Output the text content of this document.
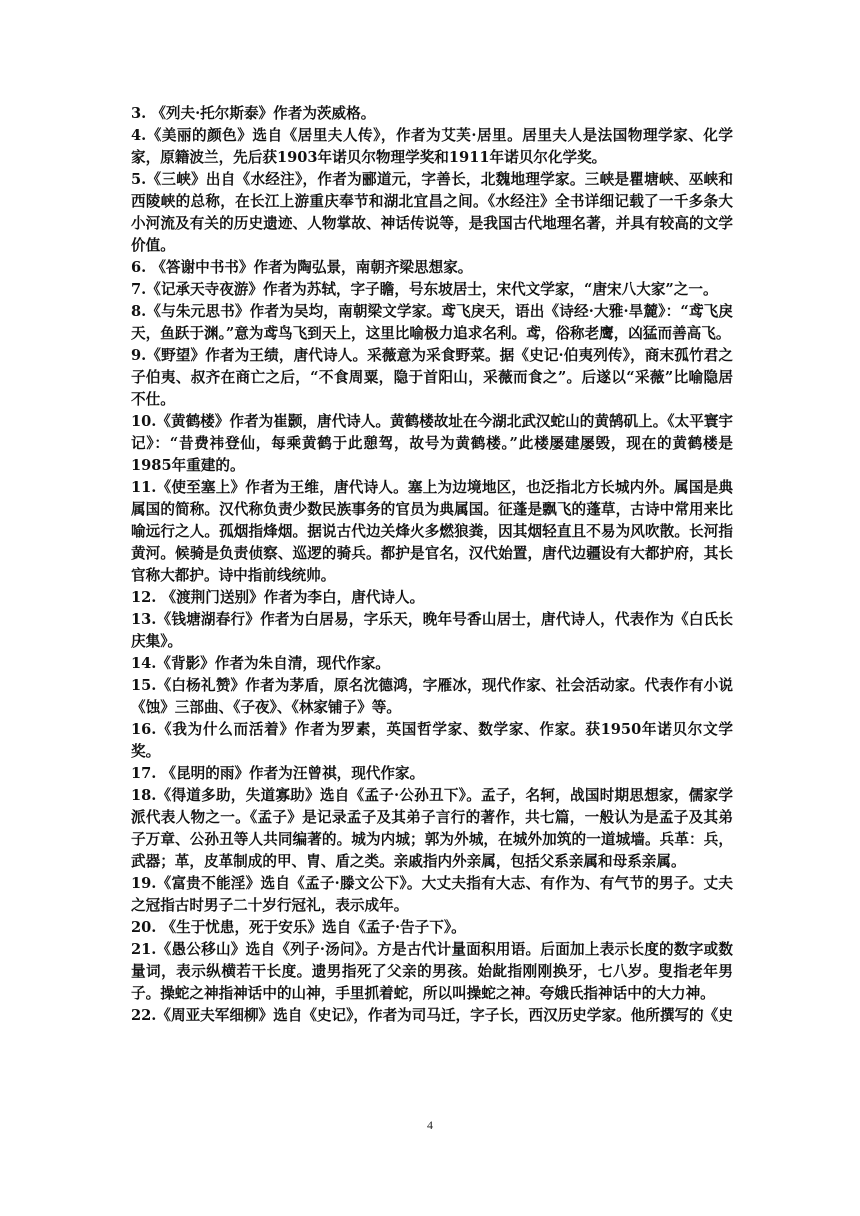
3. 《列夫·托尔斯泰》作者为茨威格。

4.《美丽的颜色》选自《居里夫人传》，作者为艾芙·居里。居里夫人是法国物理学家、化学家，原籍波兰，先后获1903年诺贝尔物理学奖和1911年诺贝尔化学奖。

5.《三峡》出自《水经注》，作者为郦道元，字善长，北魏地理学家。三峡是瞿塘峡、巫峡和西陵峡的总称，在长江上游重庆奉节和湖北宜昌之间。《水经注》全书详细记载了一千多条大小河流及有关的历史遗迹、人物掌故、神话传说等，是我国古代地理名著，并具有较高的文学价值。

6. 《答谢中书书》作者为陶弘景，南朝齐梁思想家。

7.《记承天寺夜游》作者为苏轼，字子瞻，号东坡居士，宋代文学家，“唐宋八大家”之一。

8.《与朱元思书》作者为吴均，南朝梁文学家。鸢飞戾天，语出《诗经·大雅·旱麓》：“鸢飞戾天，鱼跃于渊。”意为鸢鸟飞到天上，这里比喻极力追求名利。鸢，俗称老鹰，凶猛而善高飞。

9.《野望》作者为王绩，唐代诗人。采薇意为采食野菜。据《史记·伯夷列传》，商末孤竹君之子伯夷、叔齐在商亡之后，“不食周粟，隐于首阳山，采薇而食之”。后遂以“采薇”比喻隐居不仕。

10.《黄鹤楼》作者为崔颢，唐代诗人。黄鹤楼故址在今湖北武汉蛇山的黄鹄矶上。《太平寰宇记》：“昔费祎登仙，每乘黄鹤于此憩驾，故号为黄鹤楼。”此楼屡建屡毁，现在的黄鹤楼是1985年重建的。

11.《使至塞上》作者为王维，唐代诗人。塞上为边境地区，也泛指北方长城内外。属国是典属国的简称。汉代称负责少数民族事务的官员为典属国。征蓬是飘飞的蓬草，古诗中常用来比喻远行之人。孤烟指烽烟。据说古代边关烽火多燃狼粪，因其烟轻直且不易为风吹散。长河指黄河。候骑是负责侦察、巡逻的骑兵。都护是官名，汉代始置，唐代边疆设有大都护府，其长官称大都护。诗中指前线统帅。

12. 《渡荆门送别》作者为李白，唐代诗人。

13.《钱塘湖春行》作者为白居易，字乐天，晚年号香山居士，唐代诗人，代表作为《白氏长庆集》。

14.《背影》作者为朱自清，现代作家。

15.《白杨礼赞》作者为茅盾，原名沈德鸿，字雁冰，现代作家、社会活动家。代表作有小说《蚀》三部曲、《子夜》、《林家铺子》等。

16.《我为什么而活着》作者为罗素，英国哲学家、数学家、作家。获1950年诺贝尔文学奖。

17. 《昆明的雨》作者为汪曾祺，现代作家。

18.《得道多助，失道寡助》选自《孟子·公孙丑下》。孟子，名轲，战国时期思想家，儒家学派代表人物之一。《孟子》是记录孟子及其弟子言行的著作，共七篇，一般认为是孟子及其弟子万章、公孙丑等人共同编著的。城为内城；郭为外城，在城外加筑的一道城墙。兵革：兵，武器；革，皮革制成的甲、胄、盾之类。亲戚指内外亲属，包括父系亲属和母系亲属。

19.《富贵不能淫》选自《孟子·滕文公下》。大丈夫指有大志、有作为、有气节的男子。丈夫之冠指古时男子二十岁行冠礼，表示成年。

20. 《生于忧患，死于安乐》选自《孟子·告子下》。

21.《愚公移山》选自《列子·汤问》。方是古代计量面积用语。后面加上表示长度的数字或数量词，表示纵横若干长度。遗男指死了父亲的男孩。始龀指刚刚换牙，七八岁。叟指老年男子。操蛇之神指神话中的山神，手里抓着蛇，所以叫操蛇之神。夸娥氏指神话中的大力神。

22.《周亚夫军细柳》选自《史记》，作者为司马迁，字子长，西汉历史学家。他所撰写的《史

4
